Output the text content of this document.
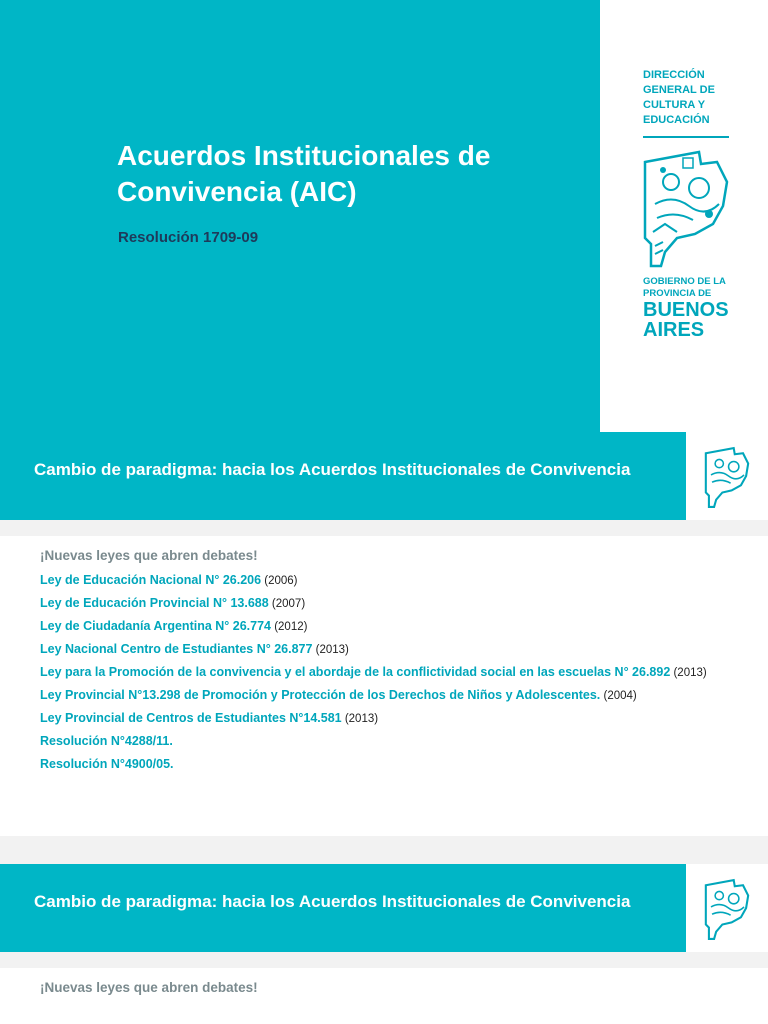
Acuerdos Institucionales de Convivencia (AIC)
Resolución 1709-09
DIRECCIÓN
GENERAL DE
CULTURA Y
EDUCACIÓN
GOBIERNO DE LA
PROVINCIA DE
BUENOS
AIRES
Cambio de paradigma: hacia los Acuerdos Institucionales de Convivencia
¡Nuevas leyes que abren debates!
Ley de Educación Nacional N° 26.206 (2006)
Ley de Educación Provincial N° 13.688 (2007)
Ley de Ciudadanía Argentina N° 26.774 (2012)
Ley Nacional Centro de Estudiantes N° 26.877 (2013)
Ley para la Promoción de la convivencia y el abordaje de la conflictividad social en las escuelas N° 26.892 (2013)
Ley Provincial N°13.298 de Promoción y Protección de los Derechos de Niños y Adolescentes. (2004)
Ley Provincial de Centros de Estudiantes N°14.581 (2013)
Resolución N°4288/11.
Resolución N°4900/05.
Cambio de paradigma: hacia los Acuerdos Institucionales de Convivencia
¡Nuevas leyes que abren debates!
